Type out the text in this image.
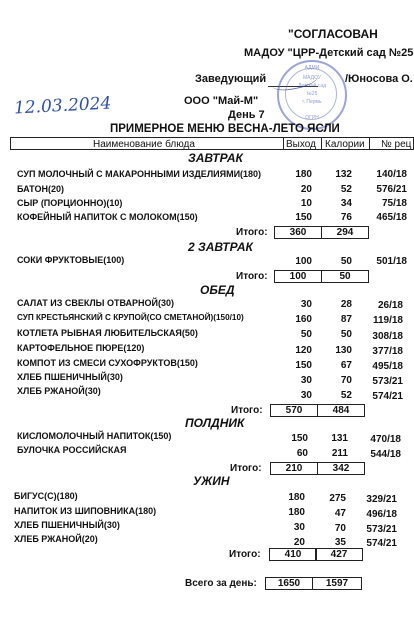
"СОГЛАСОВАН
МАДОУ "ЦРР-Детский сад №25
Заведующий	/Юносова О.
АДМИ
МАДОУ
Детский сад
№25
г. Пермь
ОГРН
12.03.2024	ООО "Май-М"
День 7
ПРИМЕРНОЕ МЕНЮ ВЕСНА-ЛЕТО ЯСЛИ
Наименование блюда	Выход Калории № рец
ЗАВТРАК
СУП МОЛОЧНЫЙ С МАКАРОННЫМИ ИЗДЕЛИЯМИ(180)	180	132	140/18
БАТОН(20)	20	52	576/21
СЫР (ПОРЦИОННО)(10)	10	34	75/18
КОФЕЙНЫЙ НАПИТОК С МОЛОКОМ(150)	150	76	465/18
Итого:	360	294
2 ЗАВТРАК
СОКИ ФРУКТОВЫЕ(100)	100	50	501/18
Итого:	100	50
ОБЕД
САЛАТ ИЗ СВЕКЛЫ ОТВАРНОЙ(30)	30	28	26/18
СУП КРЕСТЬЯНСКИЙ С КРУПОЙ(СО СМЕТАНОЙ)(150/10)	160	87	119/18
КОТЛЕТА РЫБНАЯ ЛЮБИТЕЛЬСКАЯ(50)	50	50	308/18
КАРТОФЕЛЬНОЕ ПЮРЕ(120)	120	130	377/18
КОМПОТ ИЗ СМЕСИ СУХОФРУКТОВ(150)	150	67	495/18
ХЛЕБ ПШЕНИЧНЫЙ(30)	30	70	573/21
ХЛЕБ РЖАНОЙ(30)	30	52	574/21
Итого:	570	484
ПОЛДНИК
КИСЛОМОЛОЧНЫЙ НАПИТОК(150)	150	131	470/18
БУЛОЧКА РОССИЙСКАЯ	60	211	544/18
Итого:	210	342
УЖИН
БИГУС(С)(180)	180	275	329/21
НАПИТОК ИЗ ШИПОВНИКА(180)	180	47	496/18
ХЛЕБ ПШЕНИЧНЫЙ(30)	30	70	573/21
ХЛЕБ РЖАНОЙ(20)	20	35	574/21
Итого:	410	427
Всего за день:	1650	1597
